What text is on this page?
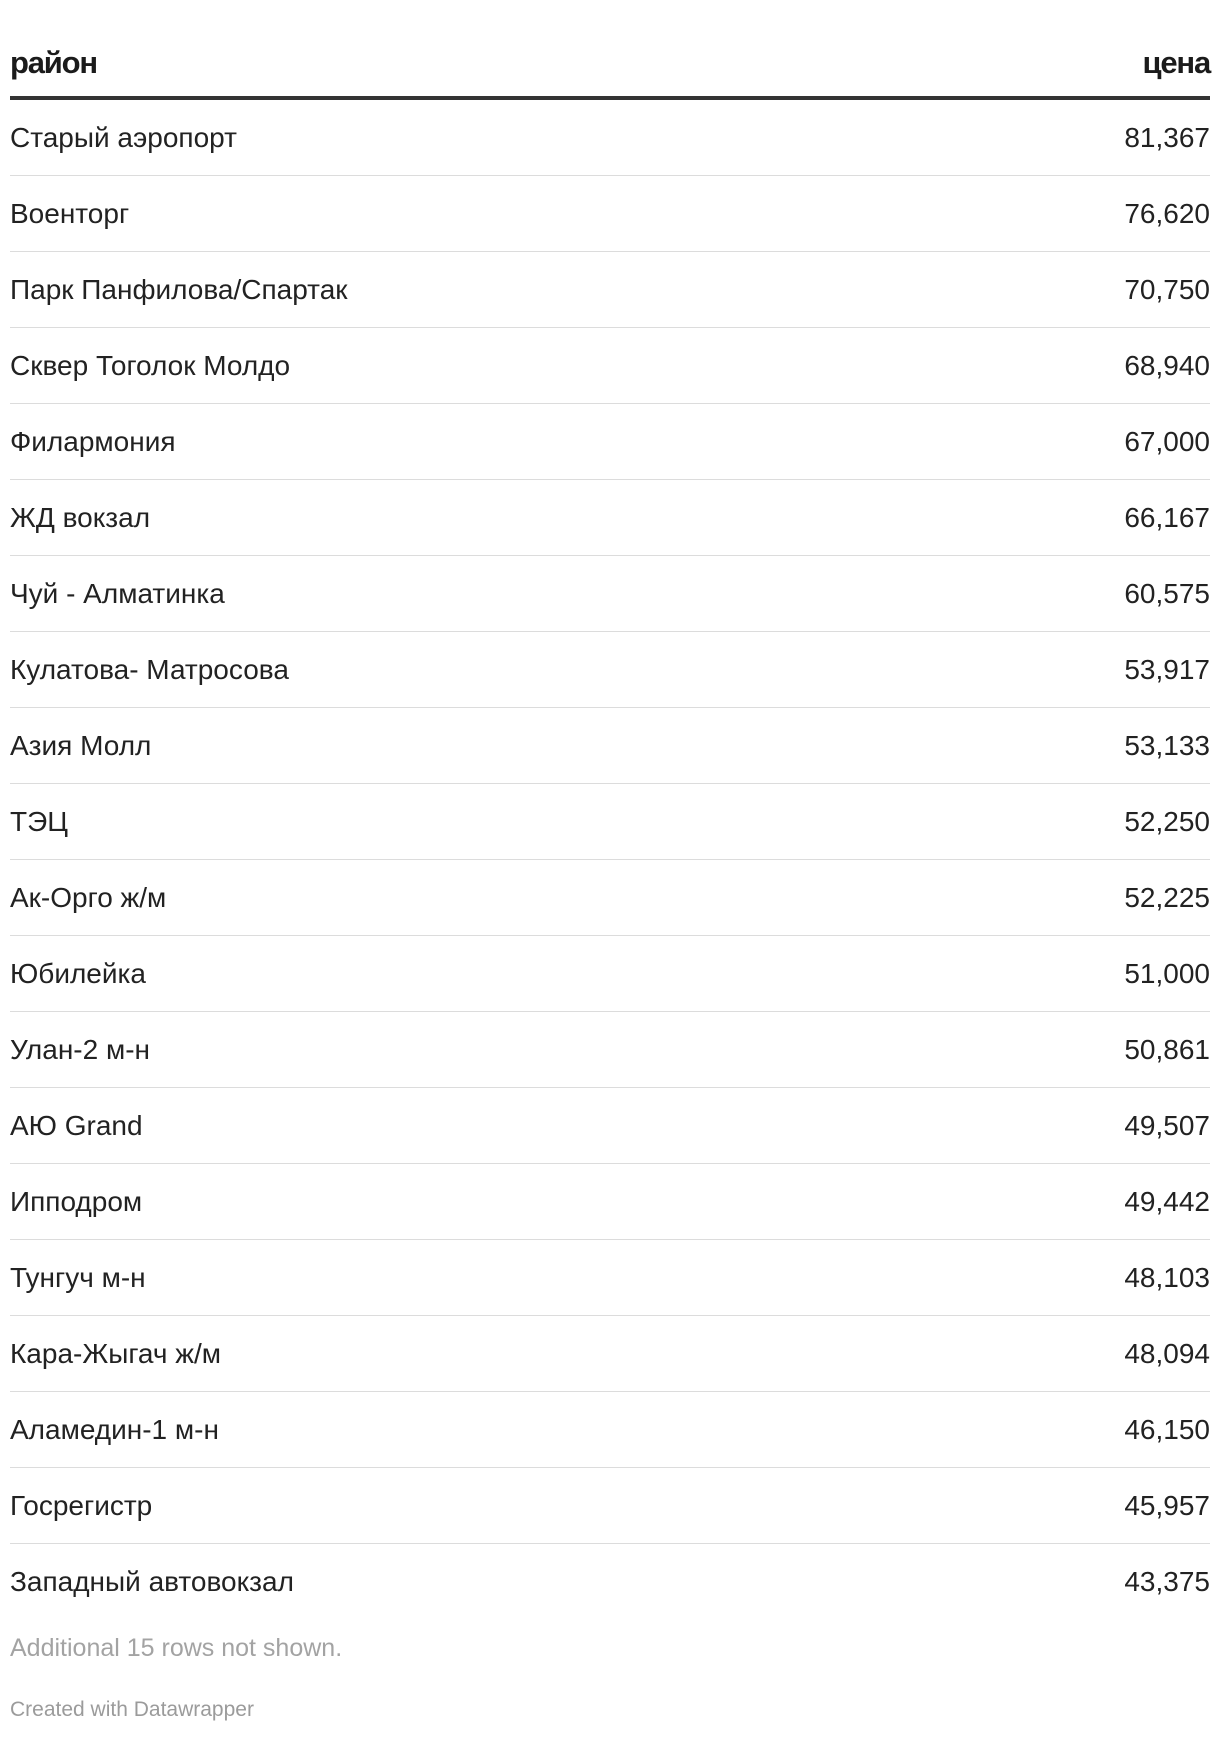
район	цена
Старый аэропорт	81,367
Военторг	76,620
Парк Панфилова/Спартак	70,750
Сквер Тоголок Молдо	68,940
Филармония	67,000
ЖД вокзал	66,167
Чуй - Алматинка	60,575
Кулатова- Матросова	53,917
Азия Молл	53,133
ТЭЦ	52,250
Ак-Орго ж/м	52,225
Юбилейка	51,000
Улан-2 м-н	50,861
АЮ Grand	49,507
Ипподром	49,442
Тунгуч м-н	48,103
Кара-Жыгач ж/м	48,094
Аламедин-1 м-н	46,150
Госрегистр	45,957
Западный автовокзал	43,375
Additional 15 rows not shown.
Created with Datawrapper
